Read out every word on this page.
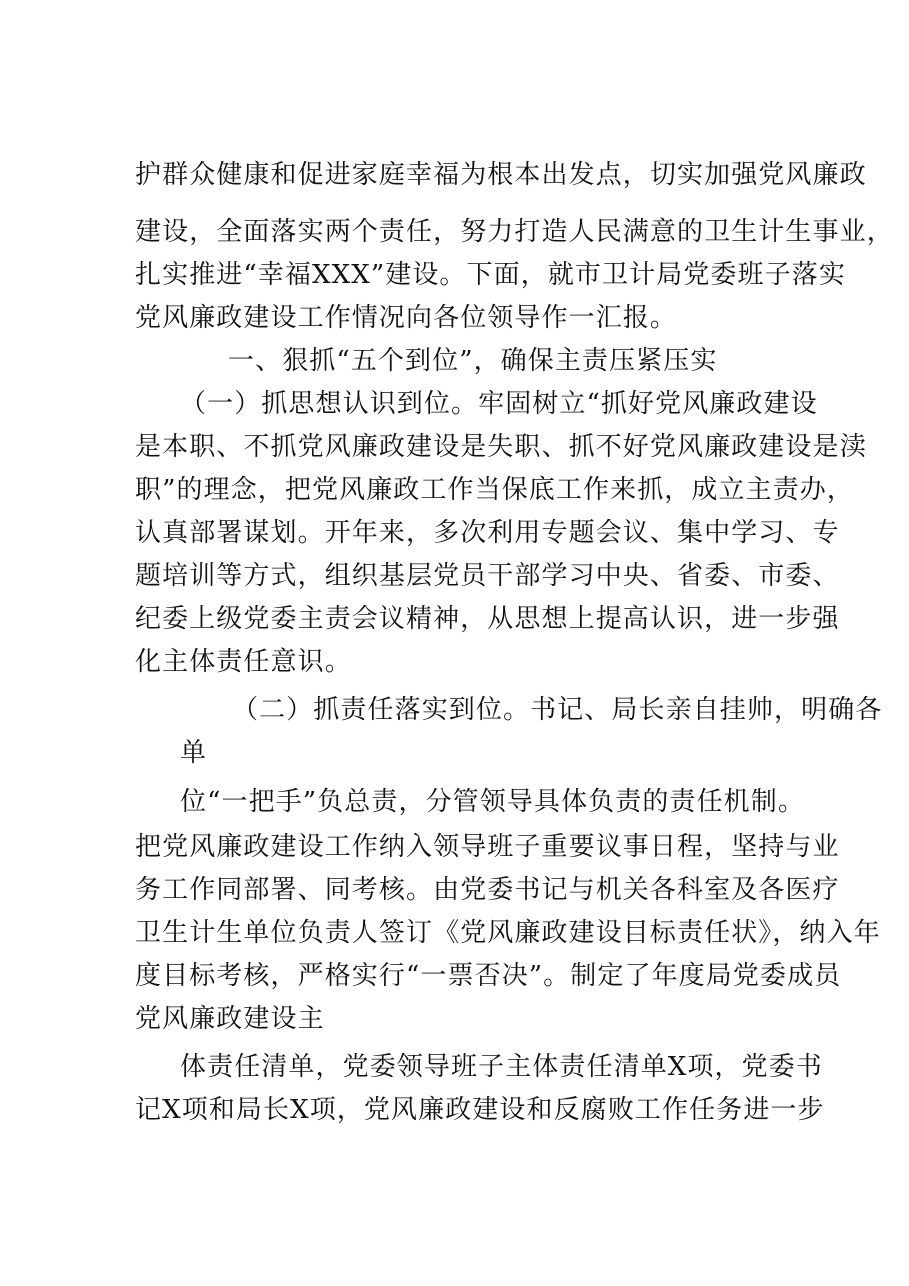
护群众健康和促进家庭幸福为根本出发点，切实加强党风廉政
建设，全面落实两个责任，努力打造人民满意的卫生计生事业，
扎实推进“幸福XXX”建设。下面，就市卫计局党委班子落实
党风廉政建设工作情况向各位领导作一汇报。
一、狠抓“五个到位”，确保主责压紧压实
（一）抓思想认识到位。牢固树立“抓好党风廉政建设
是本职、不抓党风廉政建设是失职、抓不好党风廉政建设是渎
职”的理念，把党风廉政工作当保底工作来抓，成立主责办，
认真部署谋划。开年来，多次利用专题会议、集中学习、专
题培训等方式，组织基层党员干部学习中央、省委、市委、
纪委上级党委主责会议精神，从思想上提高认识，进一步强
化主体责任意识。
（二）抓责任落实到位。书记、局长亲自挂帅，明确各
单
位“一把手”负总责，分管领导具体负责的责任机制。
把党风廉政建设工作纳入领导班子重要议事日程，坚持与业
务工作同部署、同考核。由党委书记与机关各科室及各医疗
卫生计生单位负责人签订《党风廉政建设目标责任状》，纳入年
度目标考核，严格实行“一票否决”。制定了年度局党委成员
党风廉政建设主
体责任清单，党委领导班子主体责任清单X项，党委书
记X项和局长X项，党风廉政建设和反腐败工作任务进一步
